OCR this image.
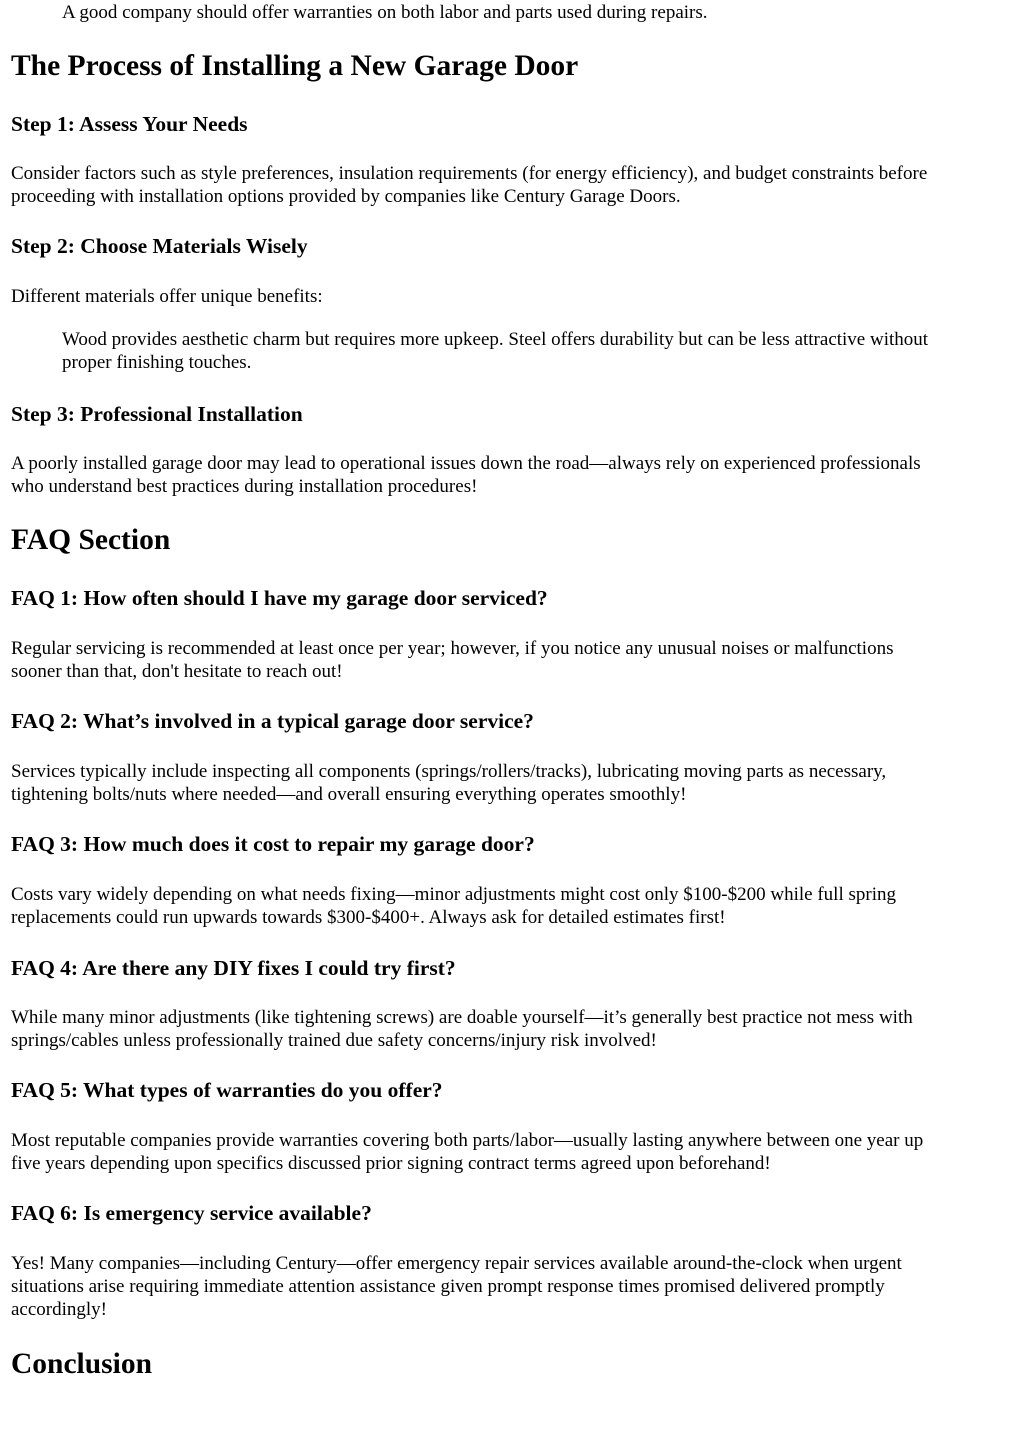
A good company should offer warranties on both labor and parts used during repairs.

The Process of Installing a New Garage Door
Step 1: Assess Your Needs
Consider factors such as style preferences, insulation requirements (for energy efficiency), and budget constraints before
proceeding with installation options provided by companies like Century Garage Doors.
Step 2: Choose Materials Wisely

Different materials offer unique benefits:

Wood provides aesthetic charm but requires more upkeep. Steel offers durability but can be less attractive without
proper finishing touches.
Step 3: Professional Installation
A poorly installed garage door may lead to operational issues down the road—always rely on experienced professionals
who understand best practices during installation procedures!
FAQ Section
FAQ 1: How often should I have my garage door serviced?
Regular servicing is recommended at least once per year; however, if you notice any unusual noises or malfunctions
sooner than that, don't hesitate to reach out!
FAQ 2: What’s involved in a typical garage door service?
Services typically include inspecting all components (springs/rollers/tracks), lubricating moving parts as necessary,
tightening bolts/nuts where needed—and overall ensuring everything operates smoothly!
FAQ 3: How much does it cost to repair my garage door?
Costs vary widely depending on what needs fixing—minor adjustments might cost only $100-$200 while full spring
replacements could run upwards towards $300-$400+. Always ask for detailed estimates first!
FAQ 4: Are there any DIY fixes I could try first?
While many minor adjustments (like tightening screws) are doable yourself—it’s generally best practice not mess with
springs/cables unless professionally trained due safety concerns/injury risk involved!
FAQ 5: What types of warranties do you offer?
Most reputable companies provide warranties covering both parts/labor—usually lasting anywhere between one year up
five years depending upon specifics discussed prior signing contract terms agreed upon beforehand!
FAQ 6: Is emergency service available?
Yes! Many companies—including Century—offer emergency repair services available around-the-clock when urgent
situations arise requiring immediate attention assistance given prompt response times promised delivered promptly
accordingly!
Conclusion
